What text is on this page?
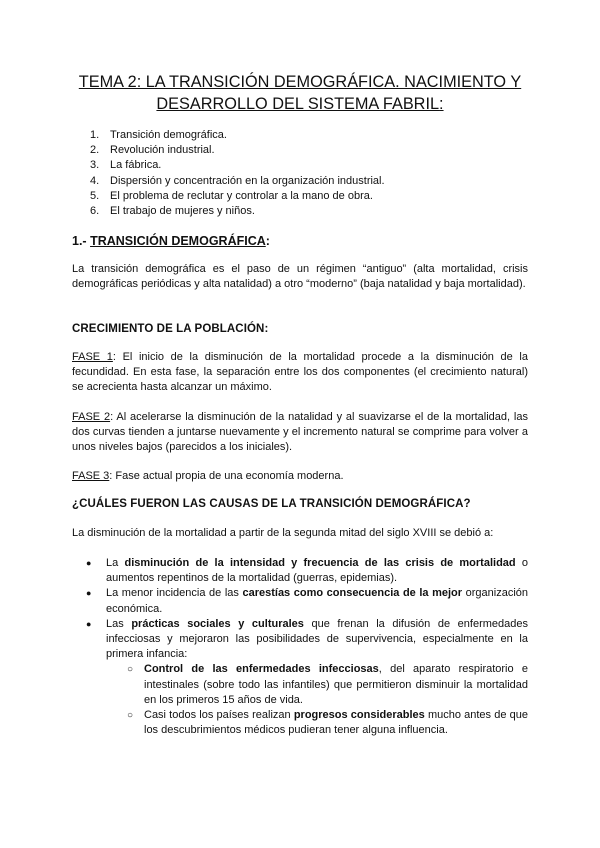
TEMA 2: LA TRANSICIÓN DEMOGRÁFICA. NACIMIENTO Y
DESARROLLO DEL SISTEMA FABRIL:
1. Transición demográfica.
2. Revolución industrial.
3. La fábrica.
4. Dispersión y concentración en la organización industrial.
5. El problema de reclutar y controlar a la mano de obra.
6. El trabajo de mujeres y niños.
1.- TRANSICIÓN DEMOGRÁFICA:
La transición demográfica es el paso de un régimen “antiguo” (alta mortalidad, crisis demográficas periódicas y alta natalidad) a otro “moderno” (baja natalidad y baja mortalidad).
CRECIMIENTO DE LA POBLACIÓN:
FASE 1: El inicio de la disminución de la mortalidad procede a la disminución de la fecundidad. En esta fase, la separación entre los dos componentes (el crecimiento natural) se acrecienta hasta alcanzar un máximo.
FASE 2: Al acelerarse la disminución de la natalidad y al suavizarse el de la mortalidad, las dos curvas tienden a juntarse nuevamente y el incremento natural se comprime para volver a unos niveles bajos (parecidos a los iniciales).
FASE 3: Fase actual propia de una economía moderna.
¿CUÁLES FUERON LAS CAUSAS DE LA TRANSICIÓN DEMOGRÁFICA?
La disminución de la mortalidad a partir de la segunda mitad del siglo XVIII se debió a:
● La disminución de la intensidad y frecuencia de las crisis de mortalidad o aumentos repentinos de la mortalidad (guerras, epidemias).
● La menor incidencia de las carestías como consecuencia de la mejor organización económica.
● Las prácticas sociales y culturales que frenan la difusión de enfermedades infecciosas y mejoraron las posibilidades de supervivencia, especialmente en la primera infancia:
○ Control de las enfermedades infecciosas, del aparato respiratorio e intestinales (sobre todo las infantiles) que permitieron disminuir la mortalidad en los primeros 15 años de vida.
○ Casi todos los países realizan progresos considerables mucho antes de que los descubrimientos médicos pudieran tener alguna influencia.
